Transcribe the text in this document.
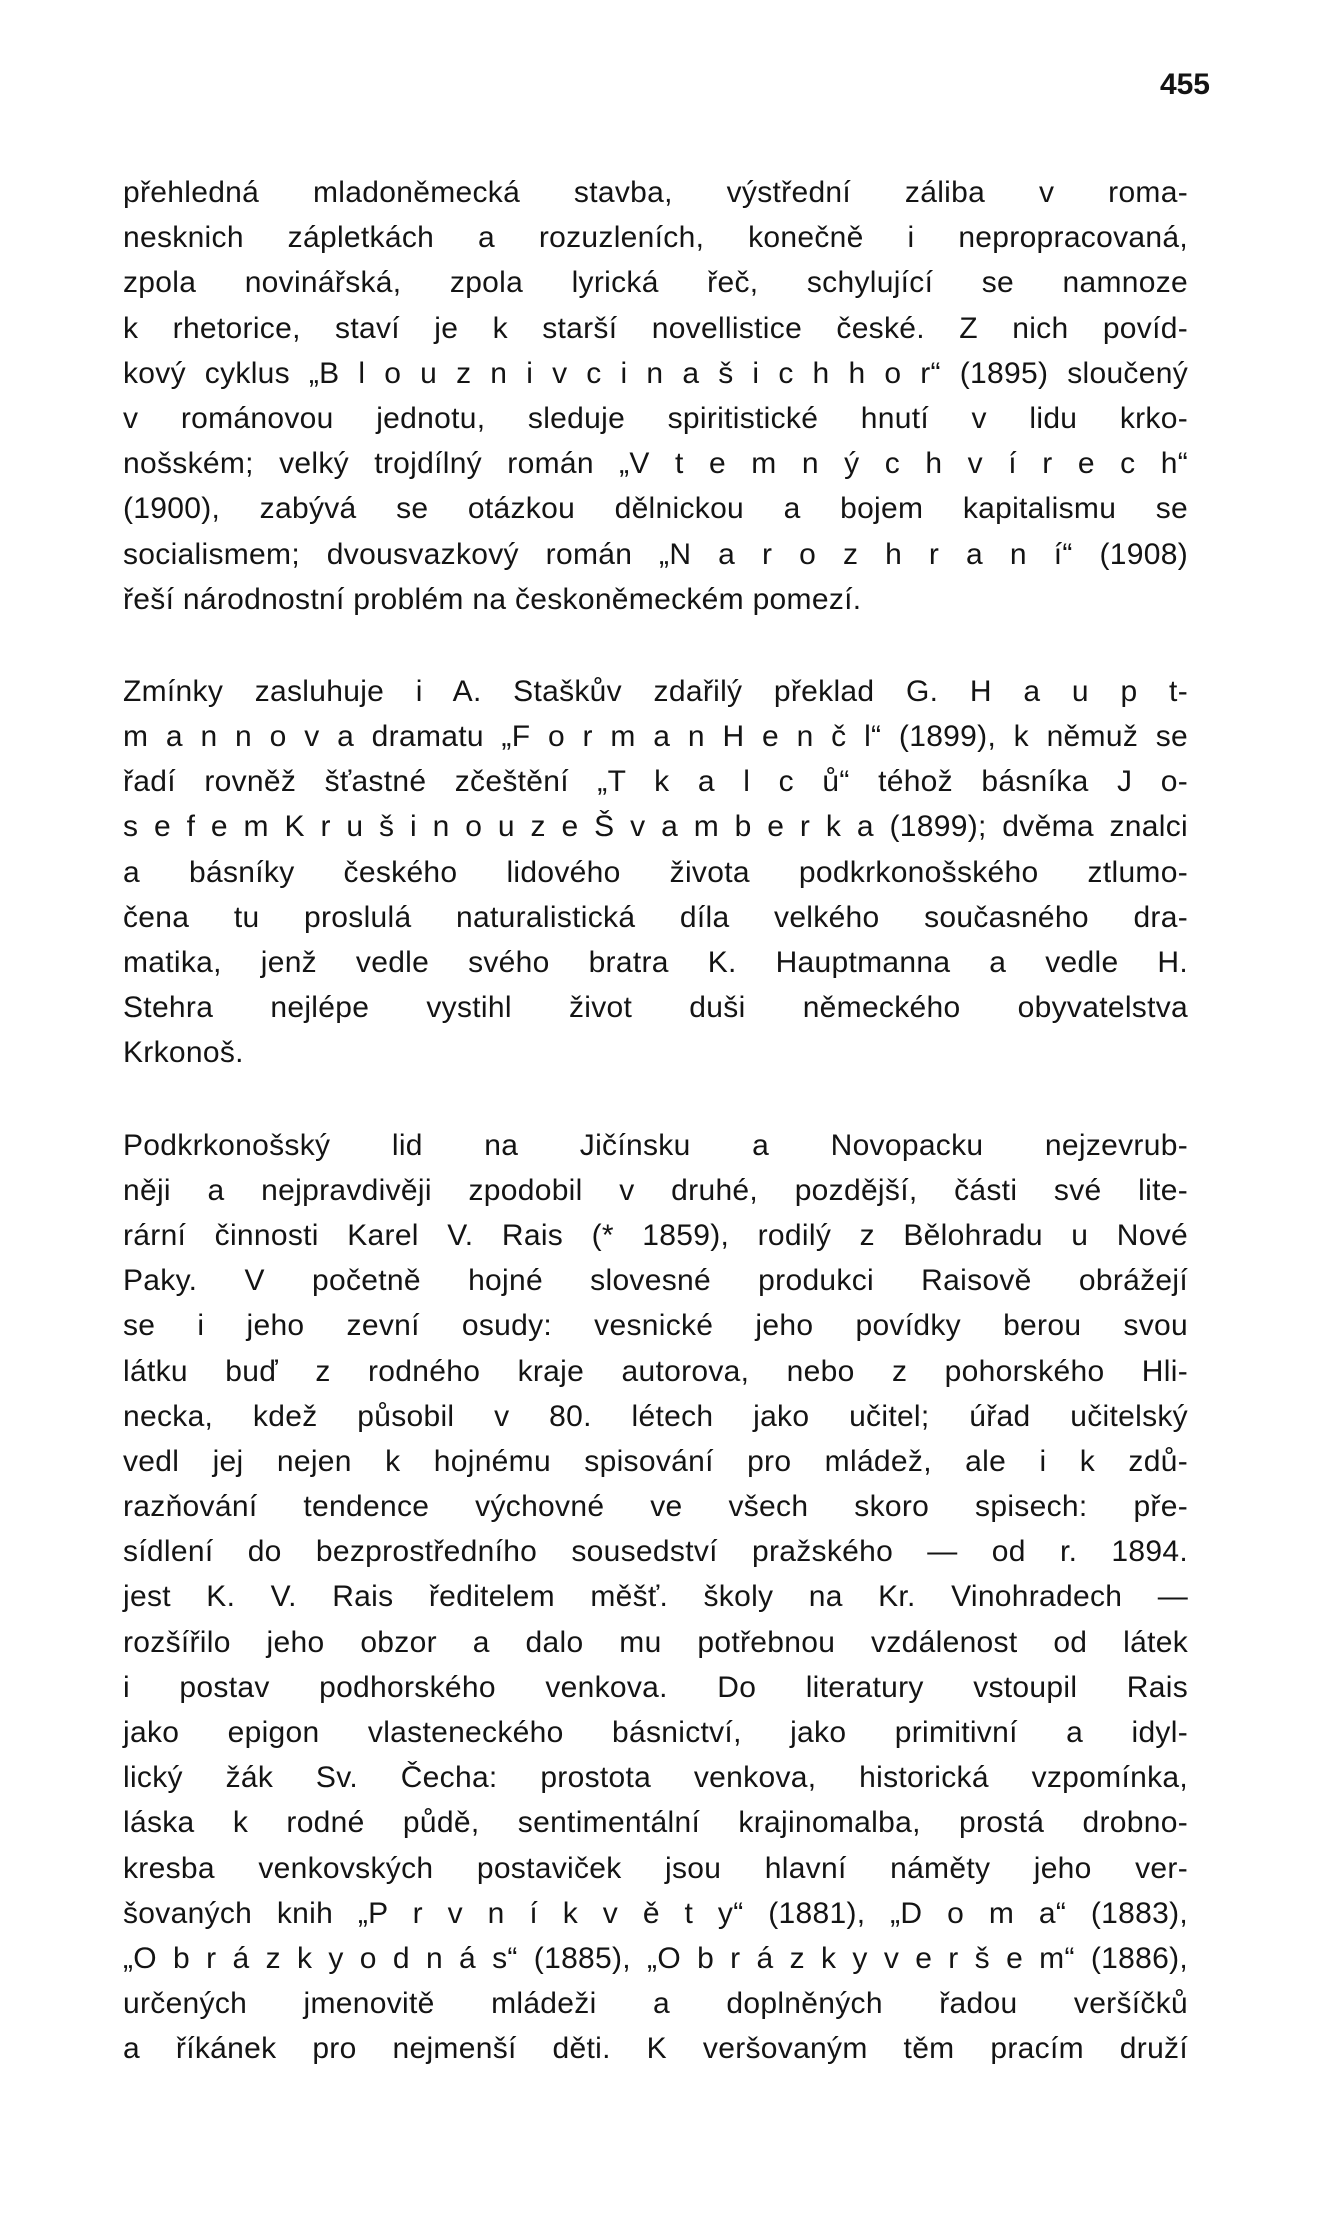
455

přehledná mladoněmecká stavba, výstřední záliba v roma-
nesknich zápletkách a rozuzleních, konečně i nepropracovaná,
zpola novinářská, zpola lyrická řeč, schylující se namnoze
k rhetorice, staví je k starší novellistice české. Z nich povíd-
kový cyklus „B l o u z n i v c i n a š i c h h o r“ (1895) sloučený
v románovou jednotu, sleduje spiritistické hnutí v lidu krko-
nošském; velký trojdílný román „V t e m n ý c h v í r e c h“
(1900), zabývá se otázkou dělnickou a bojem kapitalismu se
socialismem; dvousvazkový román „N a r o z h r a n í“ (1908)
řeší národnostní problém na českoněmeckém pomezí.
Zmínky zasluhuje i A. Staškův zdařilý překlad G. H a u p t-
m a n n o v a dramatu „F o r m a n H e n č l“ (1899), k němuž se
řadí rovněž šťastné zčeštění „T k a l c ů“ téhož básníka J o-
s e f e m K r u š i n o u z e Š v a m b e r k a (1899); dvěma znalci
a básníky českého lidového života podkrkonošského ztlumo-
čena tu proslulá naturalistická díla velkého současného dra-
matika, jenž vedle svého bratra K. Hauptmanna a vedle H.
Stehra nejlépe vystihl život duši německého obyvatelstva
Krkonoš.
Podkrkonošský lid na Jičínsku a Novopacku nejzevrub-
něji a nejpravdivěji zpodobil v druhé, pozdější, části své lite-
rární činnosti Karel V. Rais (* 1859), rodilý z Bělohradu u Nové
Paky. V početně hojné slovesné produkci Raisově obrážejí
se i jeho zevní osudy: vesnické jeho povídky berou svou
látku buď z rodného kraje autorova, nebo z pohorského Hli-
necka, kdež působil v 80. létech jako učitel; úřad učitelský
vedl jej nejen k hojnému spisování pro mládež, ale i k zdů-
razňování tendence výchovné ve všech skoro spisech: pře-
sídlení do bezprostředního sousedství pražského — od r. 1894.
jest K. V. Rais ředitelem měšť. školy na Kr. Vinohradech —
rozšířilo jeho obzor a dalo mu potřebnou vzdálenost od látek
i postav podhorského venkova. Do literatury vstoupil Rais
jako epigon vlasteneckého básnictví, jako primitivní a idyl-
lický žák Sv. Čecha: prostota venkova, historická vzpomínka,
láska k rodné půdě, sentimentální krajinomalba, prostá drobno-
kresba venkovských postaviček jsou hlavní náměty jeho ver-
šovaných knih „P r v n í k v ě t y“ (1881), „D o m a“ (1883),
„O b r á z k y o d n á s“ (1885), „O b r á z k y v e r š e m“ (1886),
určených jmenovitě mládeži a doplněných řadou veršíčků
a říkánek pro nejmenší děti. K veršovaným těm pracím druží
